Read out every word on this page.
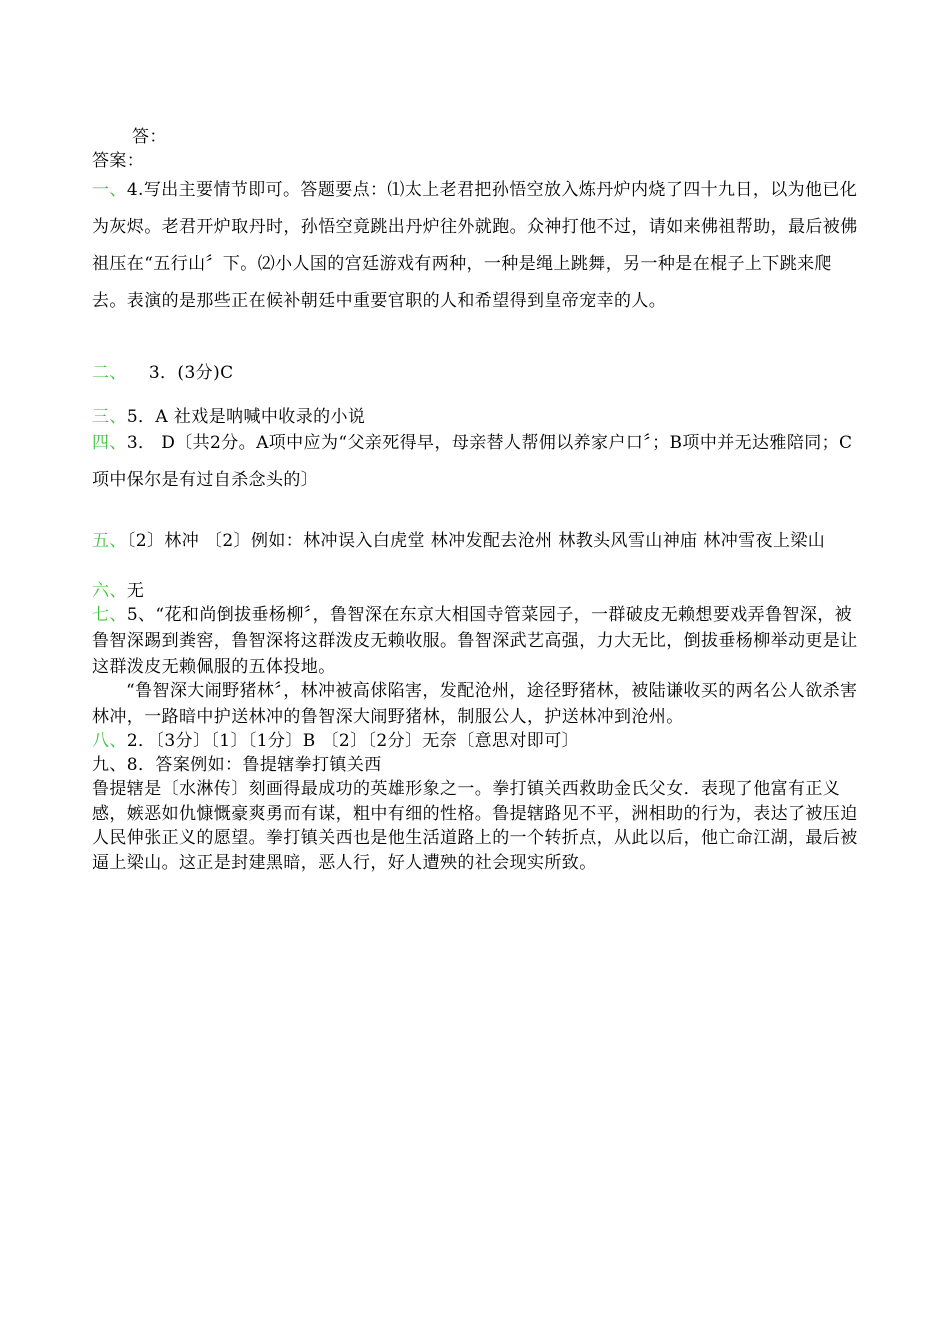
答：
答案：
一、4.写出主要情节即可。答题要点：⑴太上老君把孙悟空放入炼丹炉内烧了四十九日，以为他已化为灰烬。老君开炉取丹时，孙悟空竟跳出丹炉往外就跑。众神打他不过，请如来佛祖帮助，最后被佛祖压在“五行山〞下。⑵小人国的宫廷游戏有两种，一种是绳上跳舞，另一种是在棍子上下跳来爬去。表演的是那些正在候补朝廷中重要官职的人和希望得到皇帝宠幸的人。
二、 3．(3分)C
三、5．A 社戏是呐喊中收录的小说
四、3． D〔共2分。A项中应为“父亲死得早，母亲替人帮佣以养家户口〞；B项中并无达雅陪同；C项中保尔是有过自杀念头的〕
五、〔2〕林冲 〔2〕例如：林冲误入白虎堂 林冲发配去沧州 林教头风雪山神庙 林冲雪夜上梁山
六、无
七、5、“花和尚倒拔垂杨柳〞，鲁智深在东京大相国寺管菜园子，一群破皮无赖想要戏弄鲁智深，被鲁智深踢到粪窖，鲁智深将这群泼皮无赖收服。鲁智深武艺高强，力大无比，倒拔垂杨柳举动更是让这群泼皮无赖佩服的五体投地。
“鲁智深大闹野猪林〞，林冲被高俅陷害，发配沧州，途径野猪林，被陆谦收买的两名公人欲杀害林冲，一路暗中护送林冲的鲁智深大闹野猪林，制服公人，护送林冲到沧州。
八、2．〔3分〕〔1〕〔1分〕B 〔2〕〔2分〕无奈〔意思对即可〕
九、8．答案例如：鲁提辖拳打镇关西
鲁提辖是〔水淋传〕刻画得最成功的英雄形象之一。拳打镇关西救助金氏父女．表现了他富有正义感，嫉恶如仇慷慨豪爽勇而有谋，粗中有细的性格。鲁提辖路见不平，洲相助的行为，表达了被压迫人民伸张正义的愿望。拳打镇关西也是他生活道路上的一个转折点，从此以后，他亡命江湖，最后被逼上梁山。这正是封建黑暗，恶人行，好人遭殃的社会现实所致。
